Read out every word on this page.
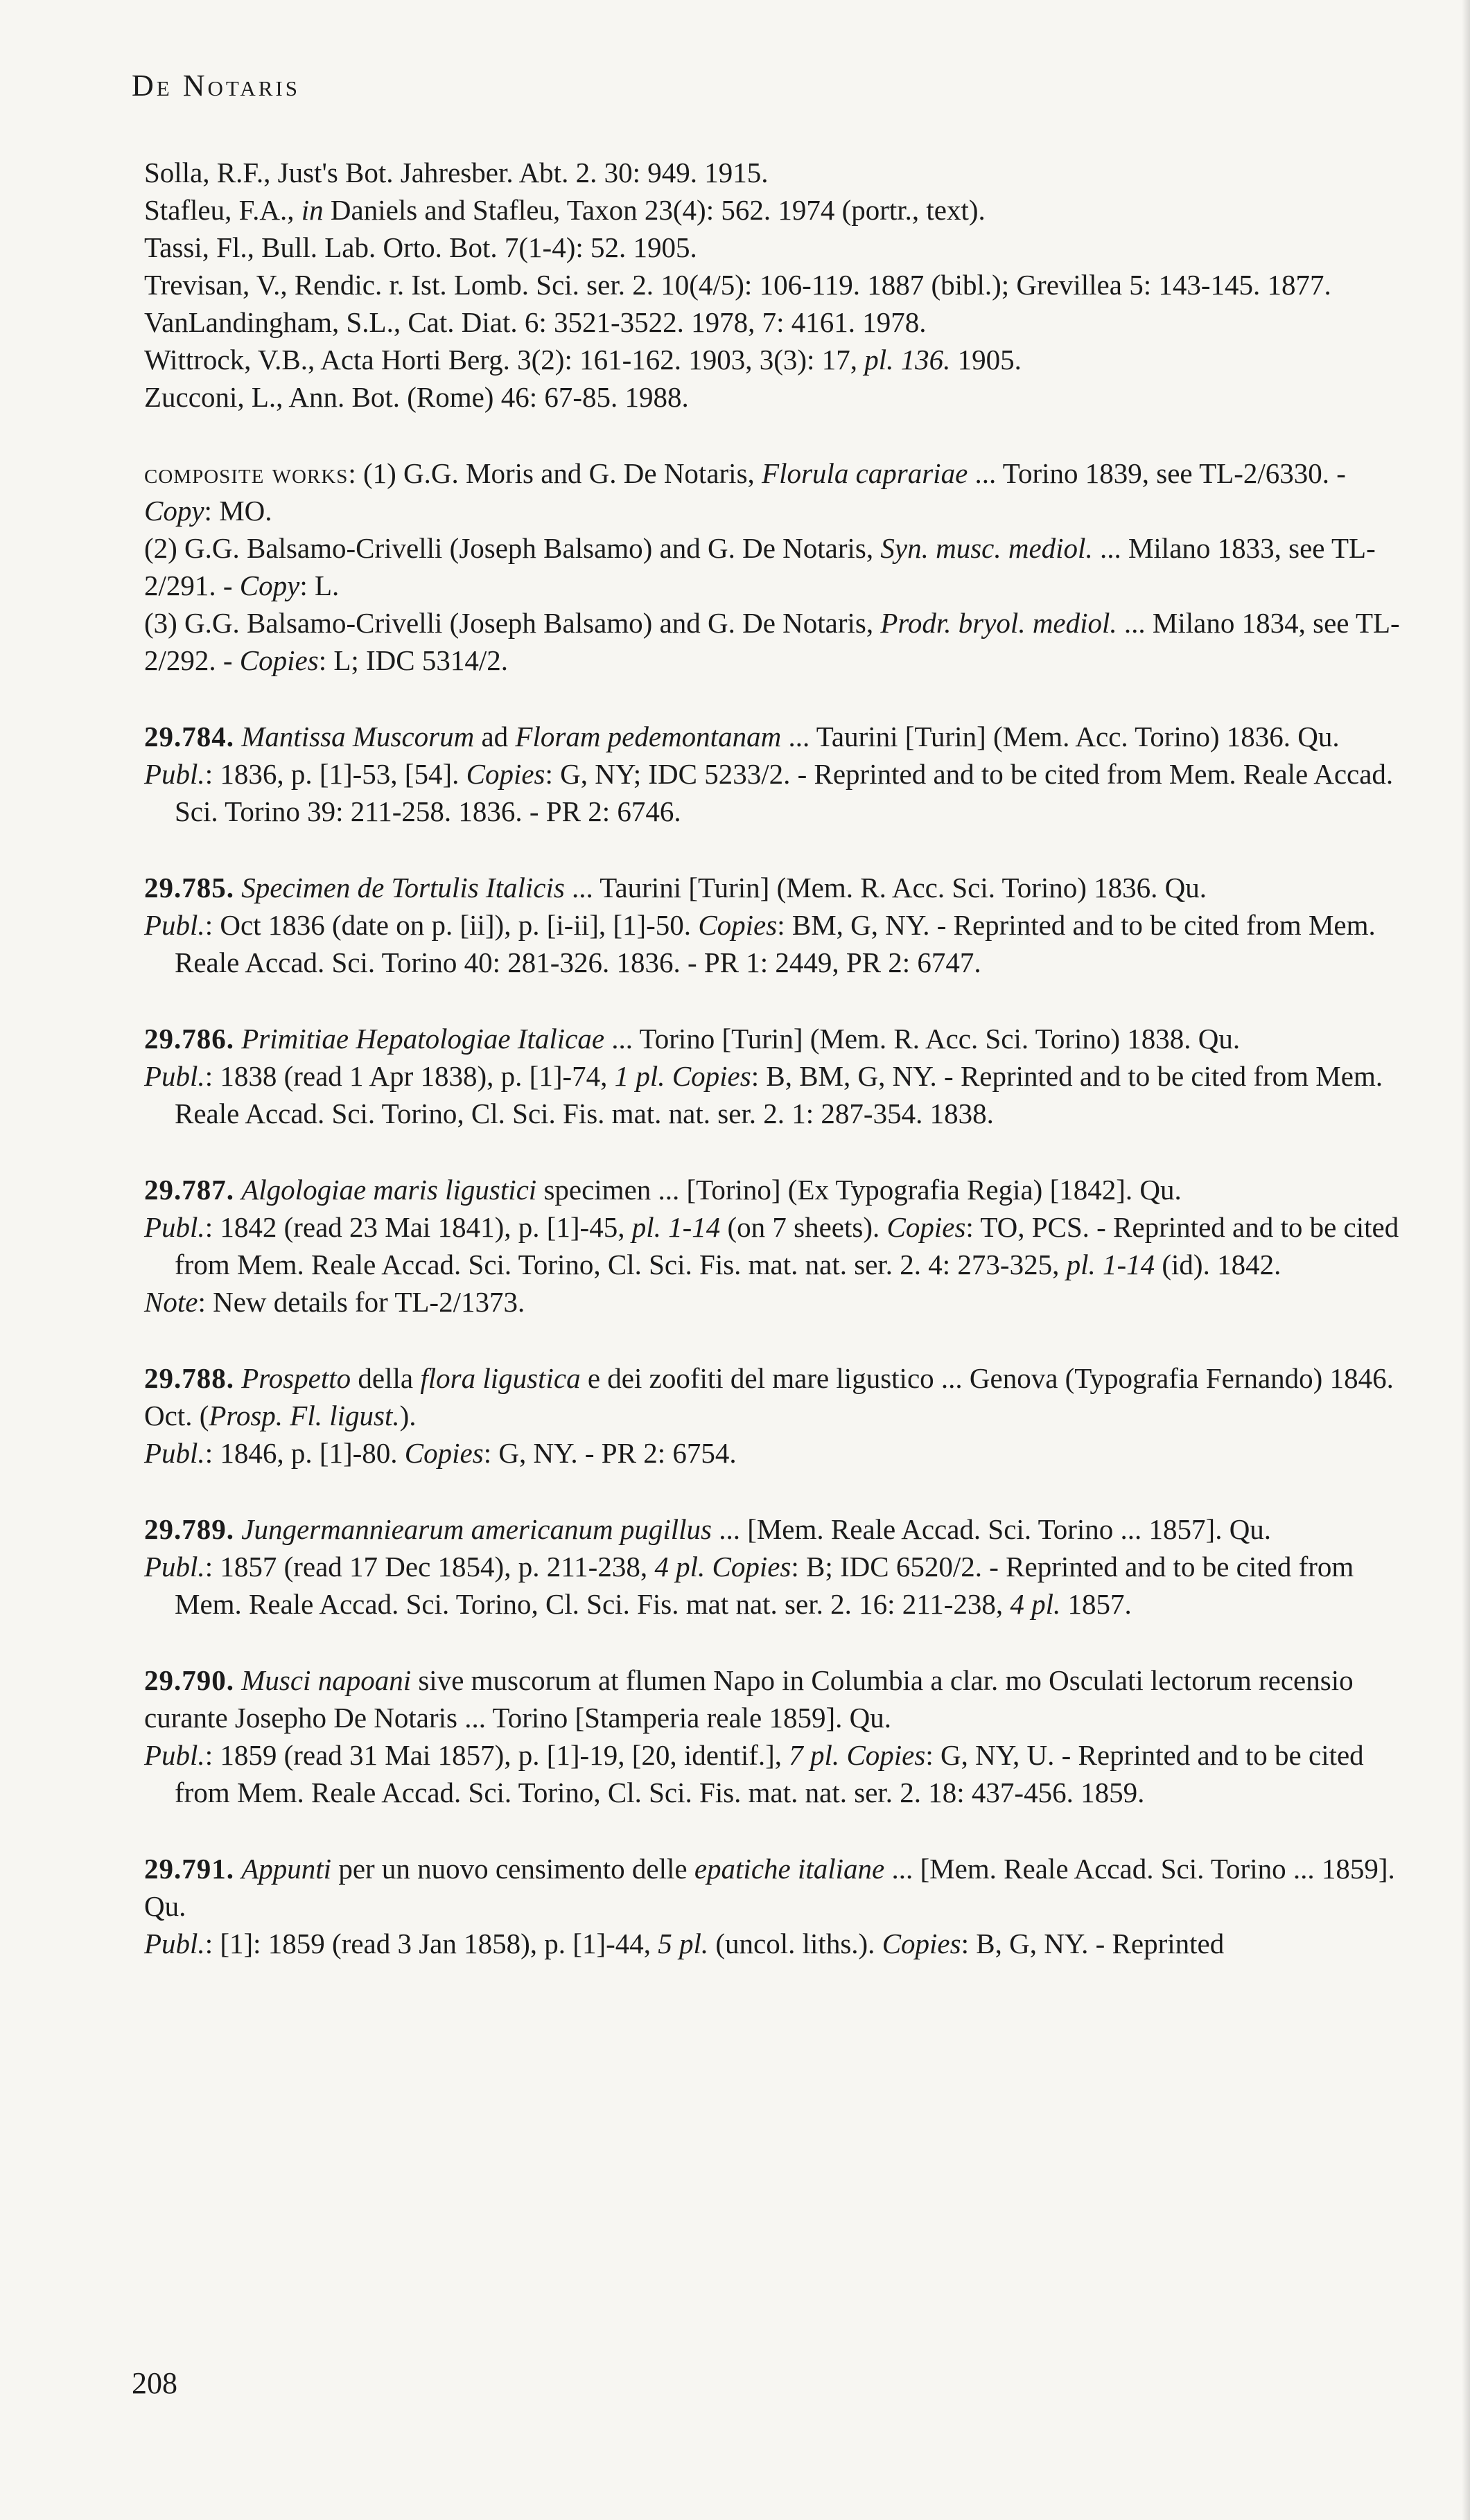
De Notaris

Solla, R.F., Just's Bot. Jahresber. Abt. 2. 30: 949. 1915.

Stafleu, F.A., in Daniels and Stafleu, Taxon 23(4): 562. 1974 (portr., text).

Tassi, Fl., Bull. Lab. Orto. Bot. 7(1-4): 52. 1905.

Trevisan, V., Rendic. r. Ist. Lomb. Sci. ser. 2. 10(4/5): 106-119. 1887 (bibl.); Grevillea 5: 143-145. 1877.

VanLandingham, S.L., Cat. Diat. 6: 3521-3522. 1978, 7: 4161. 1978.

Wittrock, V.B., Acta Horti Berg. 3(2): 161-162. 1903, 3(3): 17, pl. 136. 1905.

Zucconi, L., Ann. Bot. (Rome) 46: 67-85. 1988.

composite works: (1) G.G. Moris and G. De Notaris, Florula caprariae ... Torino 1839, see TL-2/6330. - Copy: MO.

(2) G.G. Balsamo-Crivelli (Joseph Balsamo) and G. De Notaris, Syn. musc. mediol. ... Milano 1833, see TL-2/291. - Copy: L.

(3) G.G. Balsamo-Crivelli (Joseph Balsamo) and G. De Notaris, Prodr. bryol. mediol. ... Milano 1834, see TL-2/292. - Copies: L; IDC 5314/2.

29.784. Mantissa Muscorum ad Floram pedemontanam ... Taurini [Turin] (Mem. Acc. Torino) 1836. Qu.

Publ.: 1836, p. [1]-53, [54]. Copies: G, NY; IDC 5233/2. - Reprinted and to be cited from Mem. Reale Accad. Sci. Torino 39: 211-258. 1836. - PR 2: 6746.

29.785. Specimen de Tortulis Italicis ... Taurini [Turin] (Mem. R. Acc. Sci. Torino) 1836. Qu.

Publ.: Oct 1836 (date on p. [ii]), p. [i-ii], [1]-50. Copies: BM, G, NY. - Reprinted and to be cited from Mem. Reale Accad. Sci. Torino 40: 281-326. 1836. - PR 1: 2449, PR 2: 6747.

29.786. Primitiae Hepatologiae Italicae ... Torino [Turin] (Mem. R. Acc. Sci. Torino) 1838. Qu.

Publ.: 1838 (read 1 Apr 1838), p. [1]-74, 1 pl. Copies: B, BM, G, NY. - Reprinted and to be cited from Mem. Reale Accad. Sci. Torino, Cl. Sci. Fis. mat. nat. ser. 2. 1: 287-354. 1838.

29.787. Algologiae maris ligustici specimen ... [Torino] (Ex Typografia Regia) [1842]. Qu.

Publ.: 1842 (read 23 Mai 1841), p. [1]-45, pl. 1-14 (on 7 sheets). Copies: TO, PCS. - Reprinted and to be cited from Mem. Reale Accad. Sci. Torino, Cl. Sci. Fis. mat. nat. ser. 2. 4: 273-325, pl. 1-14 (id). 1842.

Note: New details for TL-2/1373.

29.788. Prospetto della flora ligustica e dei zoofiti del mare ligustico ... Genova (Typografia Fernando) 1846. Oct. (Prosp. Fl. ligust.).

Publ.: 1846, p. [1]-80. Copies: G, NY. - PR 2: 6754.

29.789. Jungermanniearum americanum pugillus ... [Mem. Reale Accad. Sci. Torino ... 1857]. Qu.

Publ.: 1857 (read 17 Dec 1854), p. 211-238, 4 pl. Copies: B; IDC 6520/2. - Reprinted and to be cited from Mem. Reale Accad. Sci. Torino, Cl. Sci. Fis. mat nat. ser. 2. 16: 211-238, 4 pl. 1857.

29.790. Musci napoani sive muscorum at flumen Napo in Columbia a clar. mo Osculati lectorum recensio curante Josepho De Notaris ... Torino [Stamperia reale 1859]. Qu.

Publ.: 1859 (read 31 Mai 1857), p. [1]-19, [20, identif.], 7 pl. Copies: G, NY, U. - Reprinted and to be cited from Mem. Reale Accad. Sci. Torino, Cl. Sci. Fis. mat. nat. ser. 2. 18: 437-456. 1859.

29.791. Appunti per un nuovo censimento delle epatiche italiane ... [Mem. Reale Accad. Sci. Torino ... 1859]. Qu.

Publ.: [1]: 1859 (read 3 Jan 1858), p. [1]-44, 5 pl. (uncol. liths.). Copies: B, G, NY. - Reprinted

208
